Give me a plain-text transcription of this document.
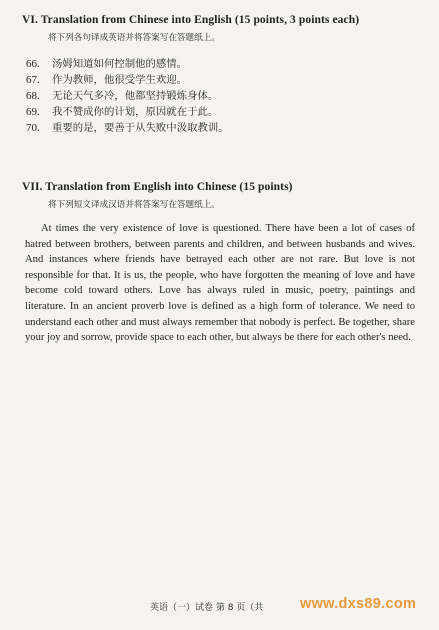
VI. Translation from Chinese into English (15 points, 3 points each)
将下列各句译成英语并将答案写在答题纸上。
66. 汤姆知道如何控制他的感情。
67. 作为教师，他很受学生欢迎。
68. 无论天气多冷，他都坚持锻炼身体。
69. 我不赞成你的计划，原因就在于此。
70. 重要的是，要善于从失败中汲取教训。
VII. Translation from English into Chinese (15 points)
将下列短文译成汉语并将答案写在答题纸上。

At times the very existence of love is questioned. There have been a lot of cases of hatred between brothers, between parents and children, and between husbands and wives. And instances where friends have betrayed each other are not rare. But love is not responsible for that. It is us, the people, who have forgotten the meaning of love and have become cold toward others. Love has always ruled in music, poetry, paintings and literature. In an ancient proverb love is defined as a high form of tolerance. We need to understand each other and must always remember that nobody is perfect. Be together, share your joy and sorrow, provide space to each other, but always be there for each other's need.

英语（一）试卷 第 8 页（共	www.dxs89.com
